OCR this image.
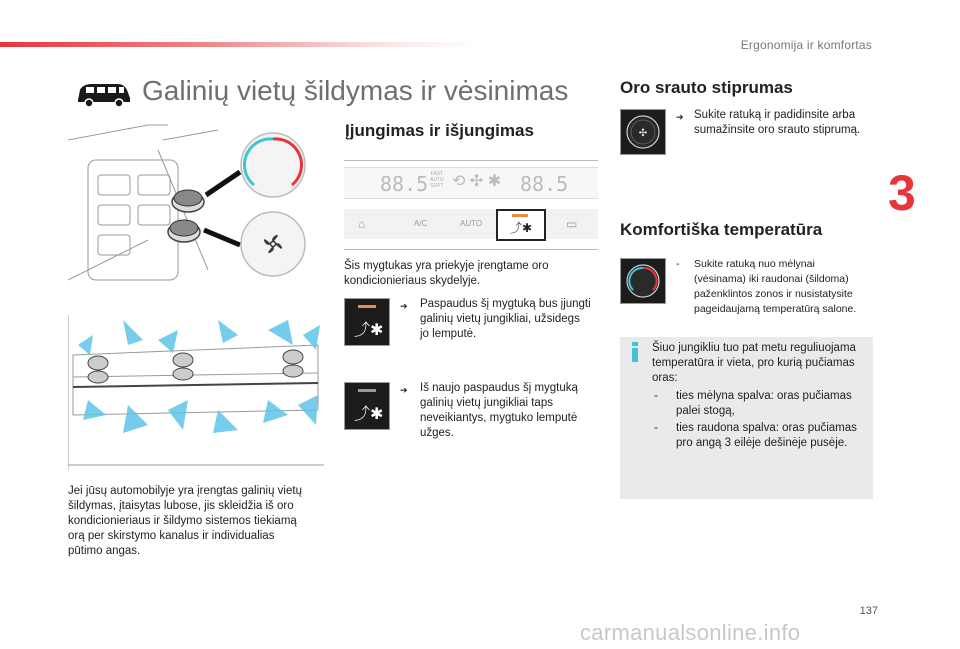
Ergonomija ir komfortas
3
Galinių vietų šildymas ir vėsinimas
Jei jūsų automobilyje yra įrengtas galinių vietų
šildymas, įtaisytas lubose, jis skleidžia iš oro
kondicionieriaus ir šildymo sistemos tiekiamą
orą per skirstymo kanalus ir individualias
pūtimo angas.
Įjungimas ir išjungimas
88.5 FAST
AUTO
SOFT ⟲ ✣ ✱ 88.5
⌂	A/C	AUTO ⤴✱	▭
Šis mygtukas yra priekyje įrengtame oro
kondicionieriaus skydelyje.
⤴✱
➔ Paspaudus šį mygtuką bus įjungti
galinių vietų jungikliai, užsidegs
jo lemputė.
⤴✱
➔ Iš naujo paspaudus šį mygtuką
galinių vietų jungikliai taps
neveikiantys, mygtuko lemputė
užges.
Oro srauto stiprumas
✣
➔ Sukite ratuką ir padidinsite arba
sumažinsite oro srauto stiprumą.
Komfortiška temperatūra
- Sukite ratuką nuo mėlynai
(vėsinama) iki raudonai (šildoma)
paženklintos zonos ir nusistatysite
pageidaujamą temperatūrą salone.
Šiuo jungikliu tuo pat metu reguliuojama
temperatūra ir vieta, pro kurią pučiamas
oras:
- ties mėlyna spalva: oras pučiamas
palei stogą,
- ties raudona spalva: oras pučiamas
pro angą 3 eilėje dešinėje pusėje.
137
carmanualsonline.info
